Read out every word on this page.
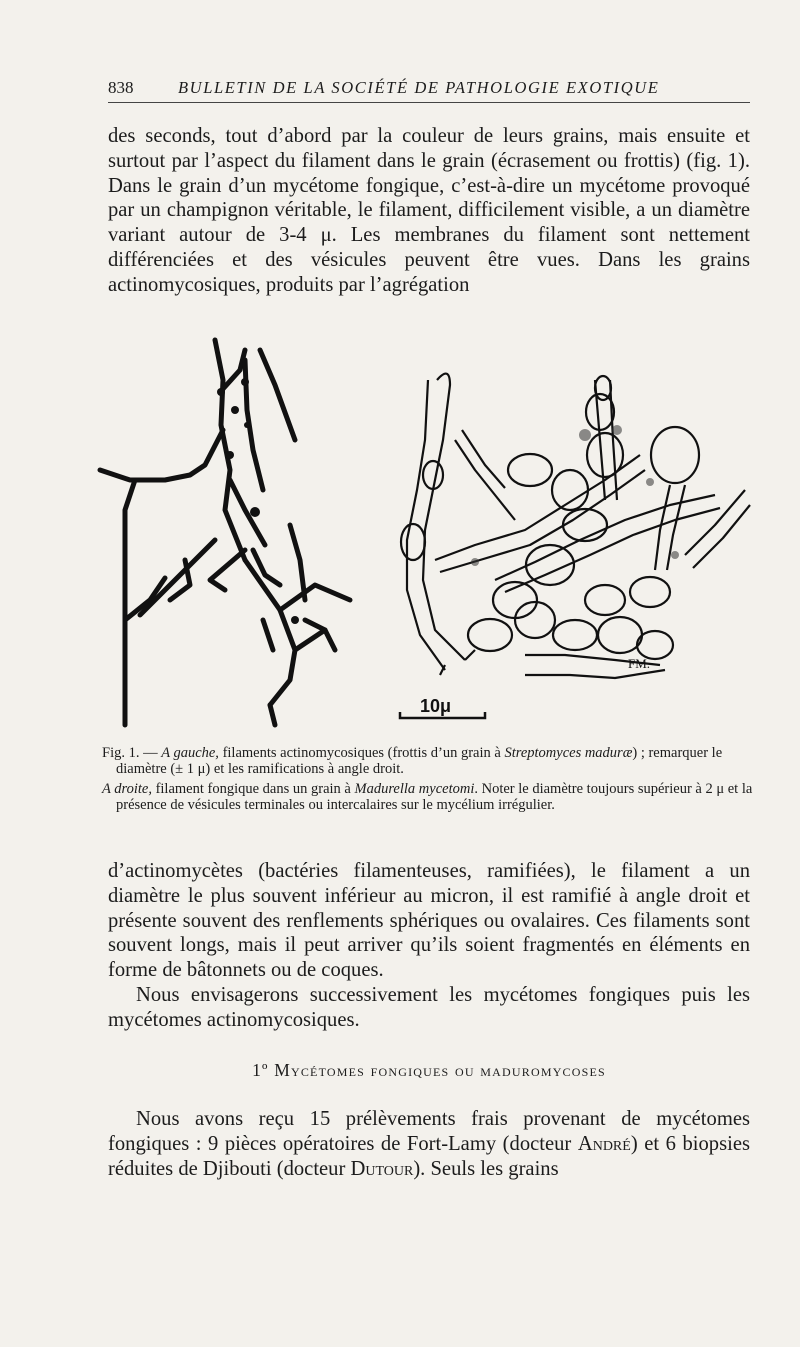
838	BULLETIN DE LA SOCIÉTÉ DE PATHOLOGIE EXOTIQUE

des seconds, tout d’abord par la couleur de leurs grains, mais ensuite et surtout par l’aspect du filament dans le grain (écrasement ou frottis) (fig. 1). Dans le grain d’un mycétome fongique, c’est-à-dire un mycétome provoqué par un champignon véritable, le filament, difficilement visible, a un diamètre variant autour de 3-4 μ. Les membranes du filament sont nettement différenciées et des vésicules peuvent être vues. Dans les grains actinomycosiques, produits par l’agrégation

FM.
10μ

Fig. 1. — A gauche, filaments actinomycosiques (frottis d’un grain à Streptomyces maduræ) ; remarquer le diamètre (± 1 μ) et les ramifications à angle droit.

A droite, filament fongique dans un grain à Madurella mycetomi. Noter le diamètre toujours supérieur à 2 μ et la présence de vésicules terminales ou intercalaires sur le mycélium irrégulier.

d’actinomycètes (bactéries filamenteuses, ramifiées), le filament a un diamètre le plus souvent inférieur au micron, il est ramifié à angle droit et présente souvent des renflements sphériques ou ovalaires. Ces filaments sont souvent longs, mais il peut arriver qu’ils soient fragmentés en éléments en forme de bâtonnets ou de coques.

Nous envisagerons successivement les mycétomes fongiques puis les mycétomes actinomycosiques.

1º Mycétomes fongiques ou maduromycoses

Nous avons reçu 15 prélèvements frais provenant de mycétomes fongiques : 9 pièces opératoires de Fort-Lamy (docteur André) et 6 biopsies réduites de Djibouti (docteur Dutour). Seuls les grains
